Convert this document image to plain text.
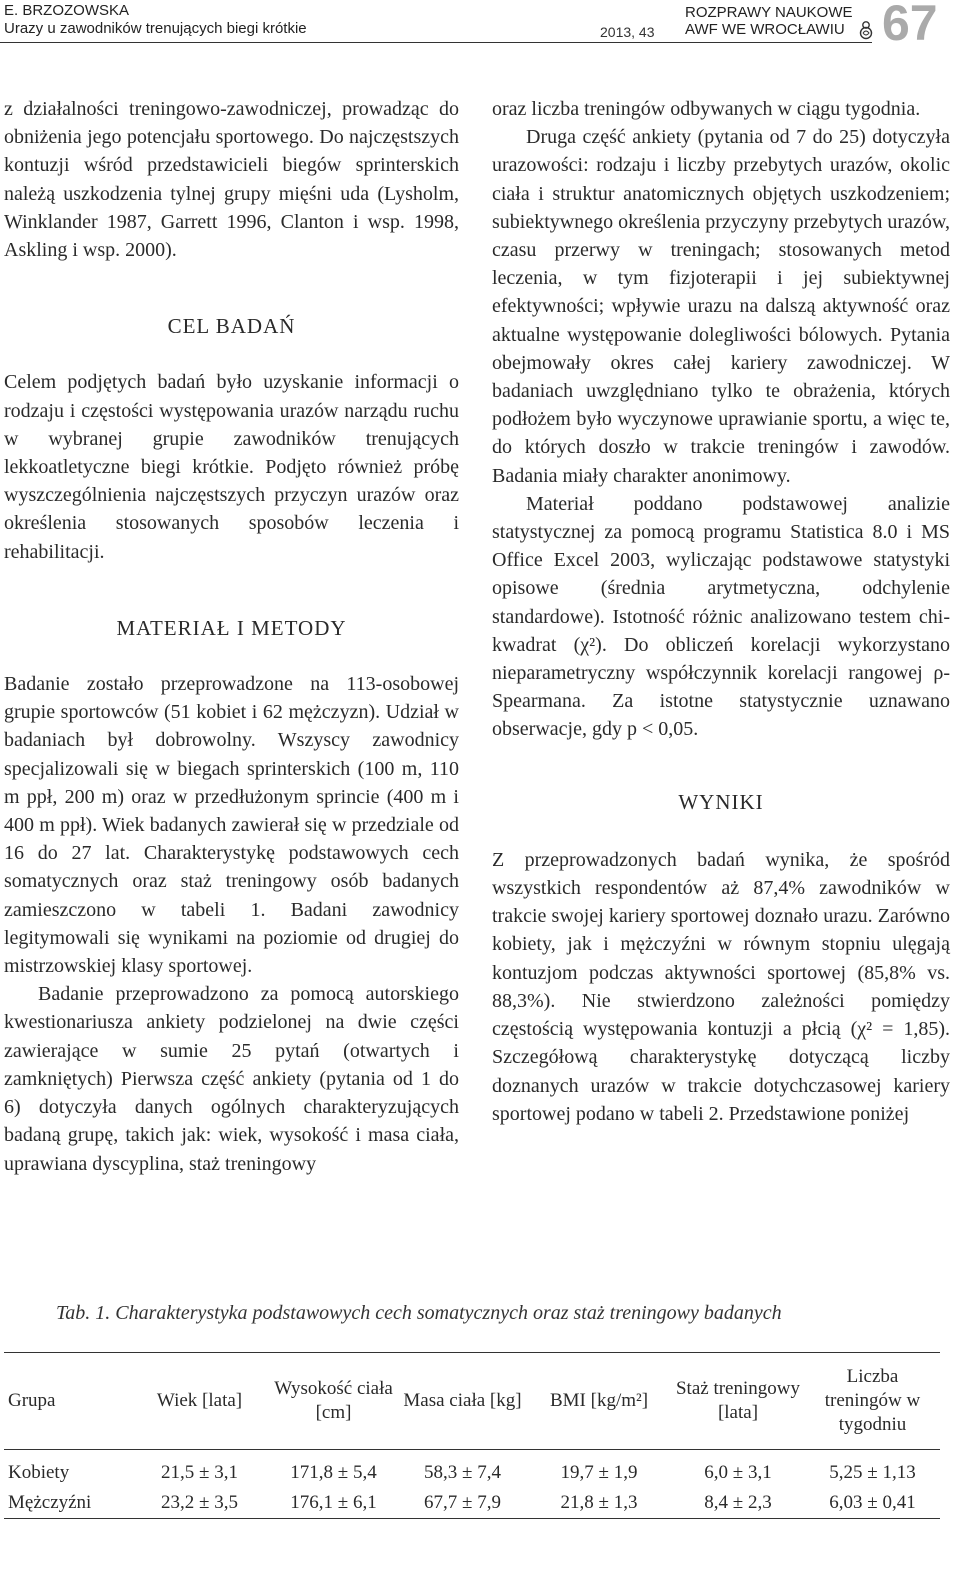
E. BRZOZOWSKA
Urazy u zawodników trenujących biegi krótkie	2013, 43
ROZPRAWY NAUKOWE
AWF WE WROCŁAWIU 67

z działalności treningowo-zawodniczej, prowadząc do obniżenia jego potencjału sportowego. Do najczęstszych kontuzji wśród przedstawicieli biegów sprinterskich należą uszkodzenia tylnej grupy mięśni uda (Lysholm, Winklander 1987, Garrett 1996, Clanton i wsp. 1998, Askling i wsp. 2000).

CEL BADAŃ

Celem podjętych badań było uzyskanie informacji o rodzaju i częstości występowania urazów narządu ruchu w wybranej grupie zawodników trenujących lekkoatletyczne biegi krótkie. Podjęto również próbę wyszczególnienia najczęstszych przyczyn urazów oraz określenia stosowanych sposobów leczenia i rehabilitacji.

MATERIAŁ I METODY

Badanie zostało przeprowadzone na 113-osobowej grupie sportowców (51 kobiet i 62 mężczyzn). Udział w badaniach był dobrowolny. Wszyscy zawodnicy specjalizowali się w biegach sprinterskich (100 m, 110 m ppł, 200 m) oraz w przedłużonym sprincie (400 m i 400 m ppł). Wiek badanych zawierał się w przedziale od 16 do 27 lat. Charakterystykę podstawowych cech somatycznych oraz staż treningowy osób badanych zamieszczono w tabeli 1. Badani zawodnicy legitymowali się wynikami na poziomie od drugiej do mistrzowskiej klasy sportowej.

Badanie przeprowadzono za pomocą autorskiego kwestionariusza ankiety podzielonej na dwie części zawierające w sumie 25 pytań (otwartych i zamkniętych) Pierwsza część ankiety (pytania od 1 do 6) dotyczyła danych ogólnych charakteryzujących badaną grupę, takich jak: wiek, wysokość i masa ciała, uprawiana dyscyplina, staż treningowy

oraz liczba treningów odbywanych w ciągu tygodnia.

Druga część ankiety (pytania od 7 do 25) dotyczyła urazowości: rodzaju i liczby przebytych urazów, okolic ciała i struktur anatomicznych objętych uszkodzeniem; subiektywnego określenia przyczyny przebytych urazów, czasu przerwy w treningach; stosowanych metod leczenia, w tym fizjoterapii i jej subiektywnej efektywności; wpływie urazu na dalszą aktywność oraz aktualne występowanie dolegliwości bólowych. Pytania obejmowały okres całej kariery zawodniczej. W badaniach uwzględniano tylko te obrażenia, których podłożem było wyczynowe uprawianie sportu, a więc te, do których doszło w trakcie treningów i zawodów. Badania miały charakter anonimowy.

Materiał poddano podstawowej analizie statystycznej za pomocą programu Statistica 8.0 i MS Office Excel 2003, wyliczając podstawowe statystyki opisowe (średnia arytmetyczna, odchylenie standardowe). Istotność różnic analizowano testem chi-kwadrat (χ²). Do obliczeń korelacji wykorzystano nieparametryczny współczynnik korelacji rangowej ρ-Spearmana. Za istotne statystycznie uznawano obserwacje, gdy p < 0,05.

WYNIKI

Z przeprowadzonych badań wynika, że spośród wszystkich respondentów aż 87,4% zawodników w trakcie swojej kariery sportowej doznało urazu. Zarówno kobiety, jak i mężczyźni w równym stopniu ulęgają kontuzjom podczas aktywności sportowej (85,8% vs. 88,3%). Nie stwierdzono zależności pomiędzy częstością występowania kontuzji a płcią (χ² = 1,85). Szczegółową charakterystykę dotyczącą liczby doznanych urazów w trakcie dotychczasowej kariery sportowej podano w tabeli 2. Przedstawione poniżej

Tab. 1. Charakterystyka podstawowych cech somatycznych oraz staż treningowy badanych
Grupa	Wiek [lata]	Wysokość ciała [cm]	Masa ciała [kg]	BMI [kg/m²]	Staż treningowy [lata]	Liczba treningów w tygodniu
Kobiety	21,5 ± 3,1	171,8 ± 5,4	58,3 ± 7,4	19,7 ± 1,9	6,0 ± 3,1	5,25 ± 1,13
Mężczyźni	23,2 ± 3,5	176,1 ± 6,1	67,7 ± 7,9	21,8 ± 1,3	8,4 ± 2,3	6,03 ± 0,41
